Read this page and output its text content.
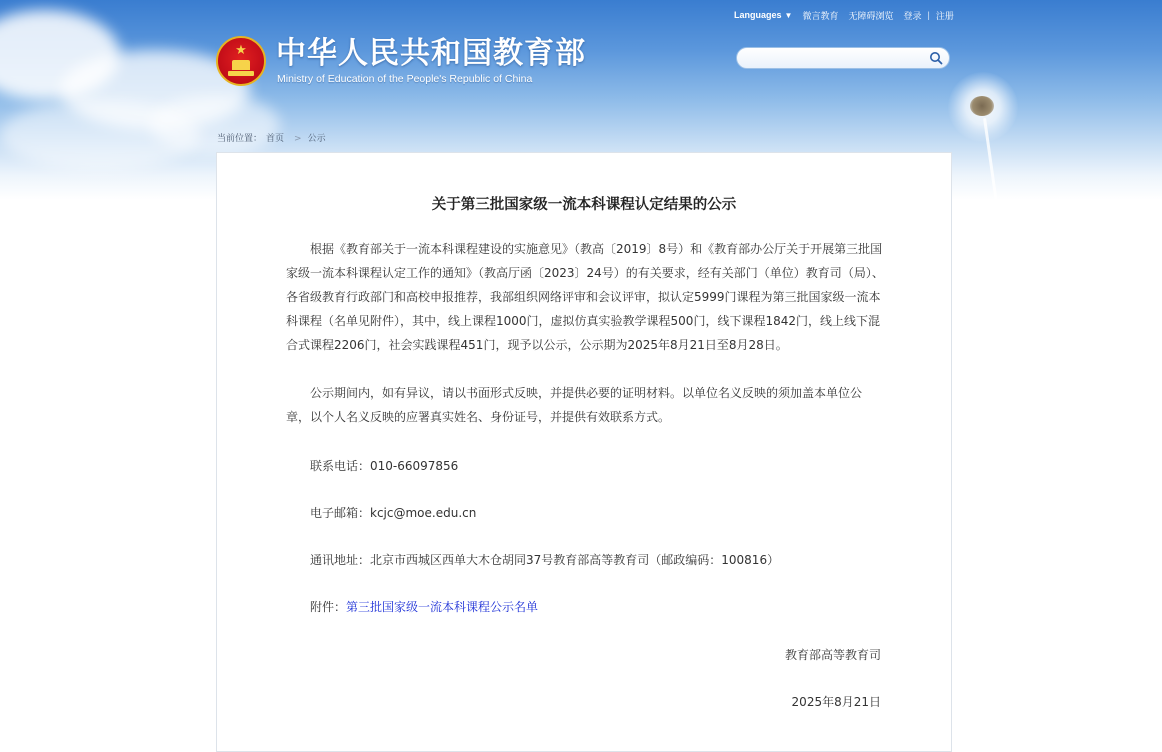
★ 中华人民共和国教育部
Ministry of Education of the People's Republic of China
Languages ▼ 微言教育 无障碍浏览 登录 | 注册
当前位置： 首页 > 公示
关于第三批国家级一流本科课程认定结果的公示

根据《教育部关于一流本科课程建设的实施意见》（教高〔2019〕8号）和《教育部办公厅关于开展第三批国家级一流本科课程认定工作的通知》（教高厅函〔2023〕24号）的有关要求，经有关部门（单位）教育司（局）、各省级教育行政部门和高校申报推荐，我部组织网络评审和会议评审，拟认定5999门课程为第三批国家级一流本科课程（名单见附件），其中，线上课程1000门，虚拟仿真实验教学课程500门，线下课程1842门，线上线下混合式课程2206门，社会实践课程451门，现予以公示，公示期为2025年8月21日至8月28日。

公示期间内，如有异议，请以书面形式反映，并提供必要的证明材料。以单位名义反映的须加盖本单位公章，以个人名义反映的应署真实姓名、身份证号，并提供有效联系方式。

联系电话：010-66097856
电子邮箱：kcjc@moe.edu.cn
通讯地址：北京市西城区西单大木仓胡同37号教育部高等教育司（邮政编码：100816）
附件：第三批国家级一流本科课程公示名单
教育部高等教育司
2025年8月21日
